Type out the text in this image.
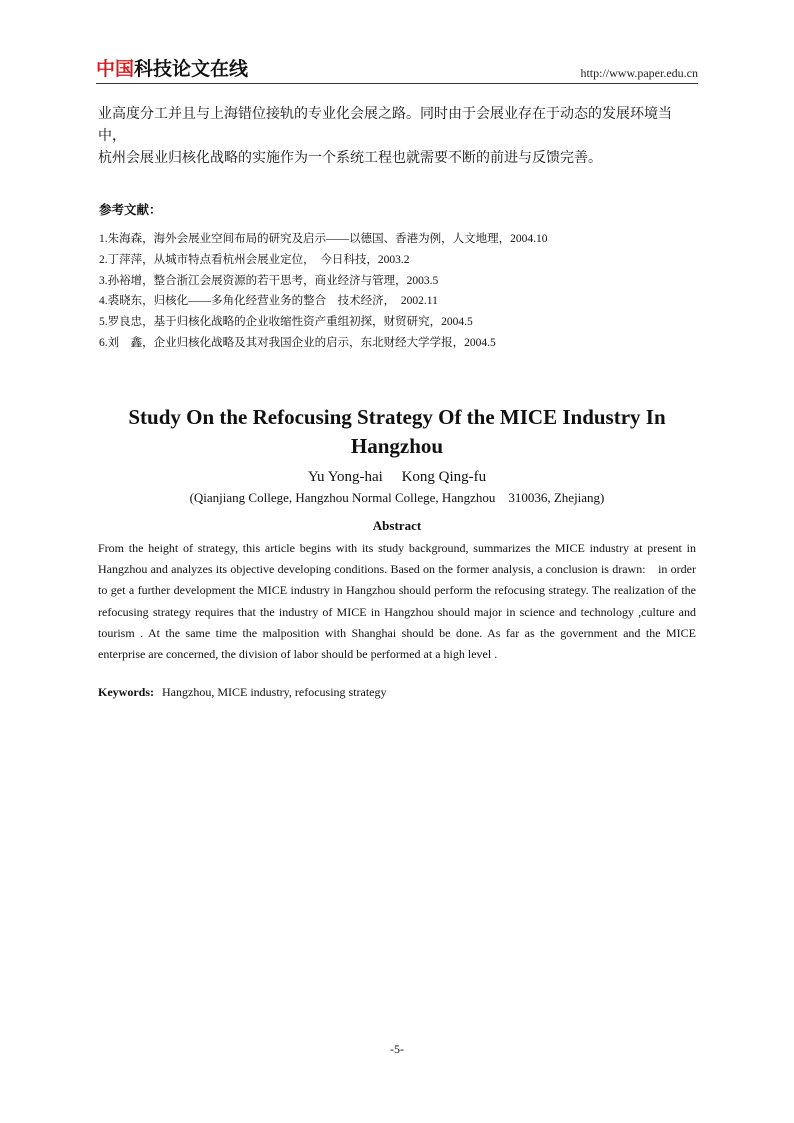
中国科技论文在线	http://www.paper.edu.cn
业高度分工并且与上海错位接轨的专业化会展之路。同时由于会展业存在于动态的发展环境当中，
杭州会展业归核化战略的实施作为一个系统工程也就需要不断的前进与反馈完善。
参考文献：
1.朱海森，海外会展业空间布局的研究及启示——以德国、香港为例，人文地理，2004.10
2.丁萍萍，从城市特点看杭州会展业定位，　今日科技，2003.2
3.孙裕增，整合浙江会展资源的若干思考，商业经济与管理，2003.5
4.裘晓东，归核化——多角化经营业务的整合　技术经济，　2002.11
5.罗良忠，基于归核化战略的企业收缩性资产重组初探，财贸研究，2004.5
6.刘　鑫，企业归核化战略及其对我国企业的启示，东北财经大学学报，2004.5
Study On the Refocusing Strategy Of the MICE Industry In
Hangzhou
Yu Yong-hai　 Kong Qing-fu
(Qianjiang College, Hangzhou Normal College, Hangzhou　310036, Zhejiang)
Abstract
From the height of strategy, this article begins with its study background, summarizes the MICE industry at present in Hangzhou and analyzes its objective developing conditions. Based on the former analysis, a conclusion is drawn:　in order to get a further development the MICE industry in Hangzhou should perform the refocusing strategy. The realization of the refocusing strategy requires that the industry of MICE in Hangzhou should major in science and technology ,culture and tourism . At the same time the malposition with Shanghai should be done. As far as the government and the MICE enterprise are concerned, the division of labor should be performed at a high level .
Keywords: Hangzhou, MICE industry, refocusing strategy
-5-
